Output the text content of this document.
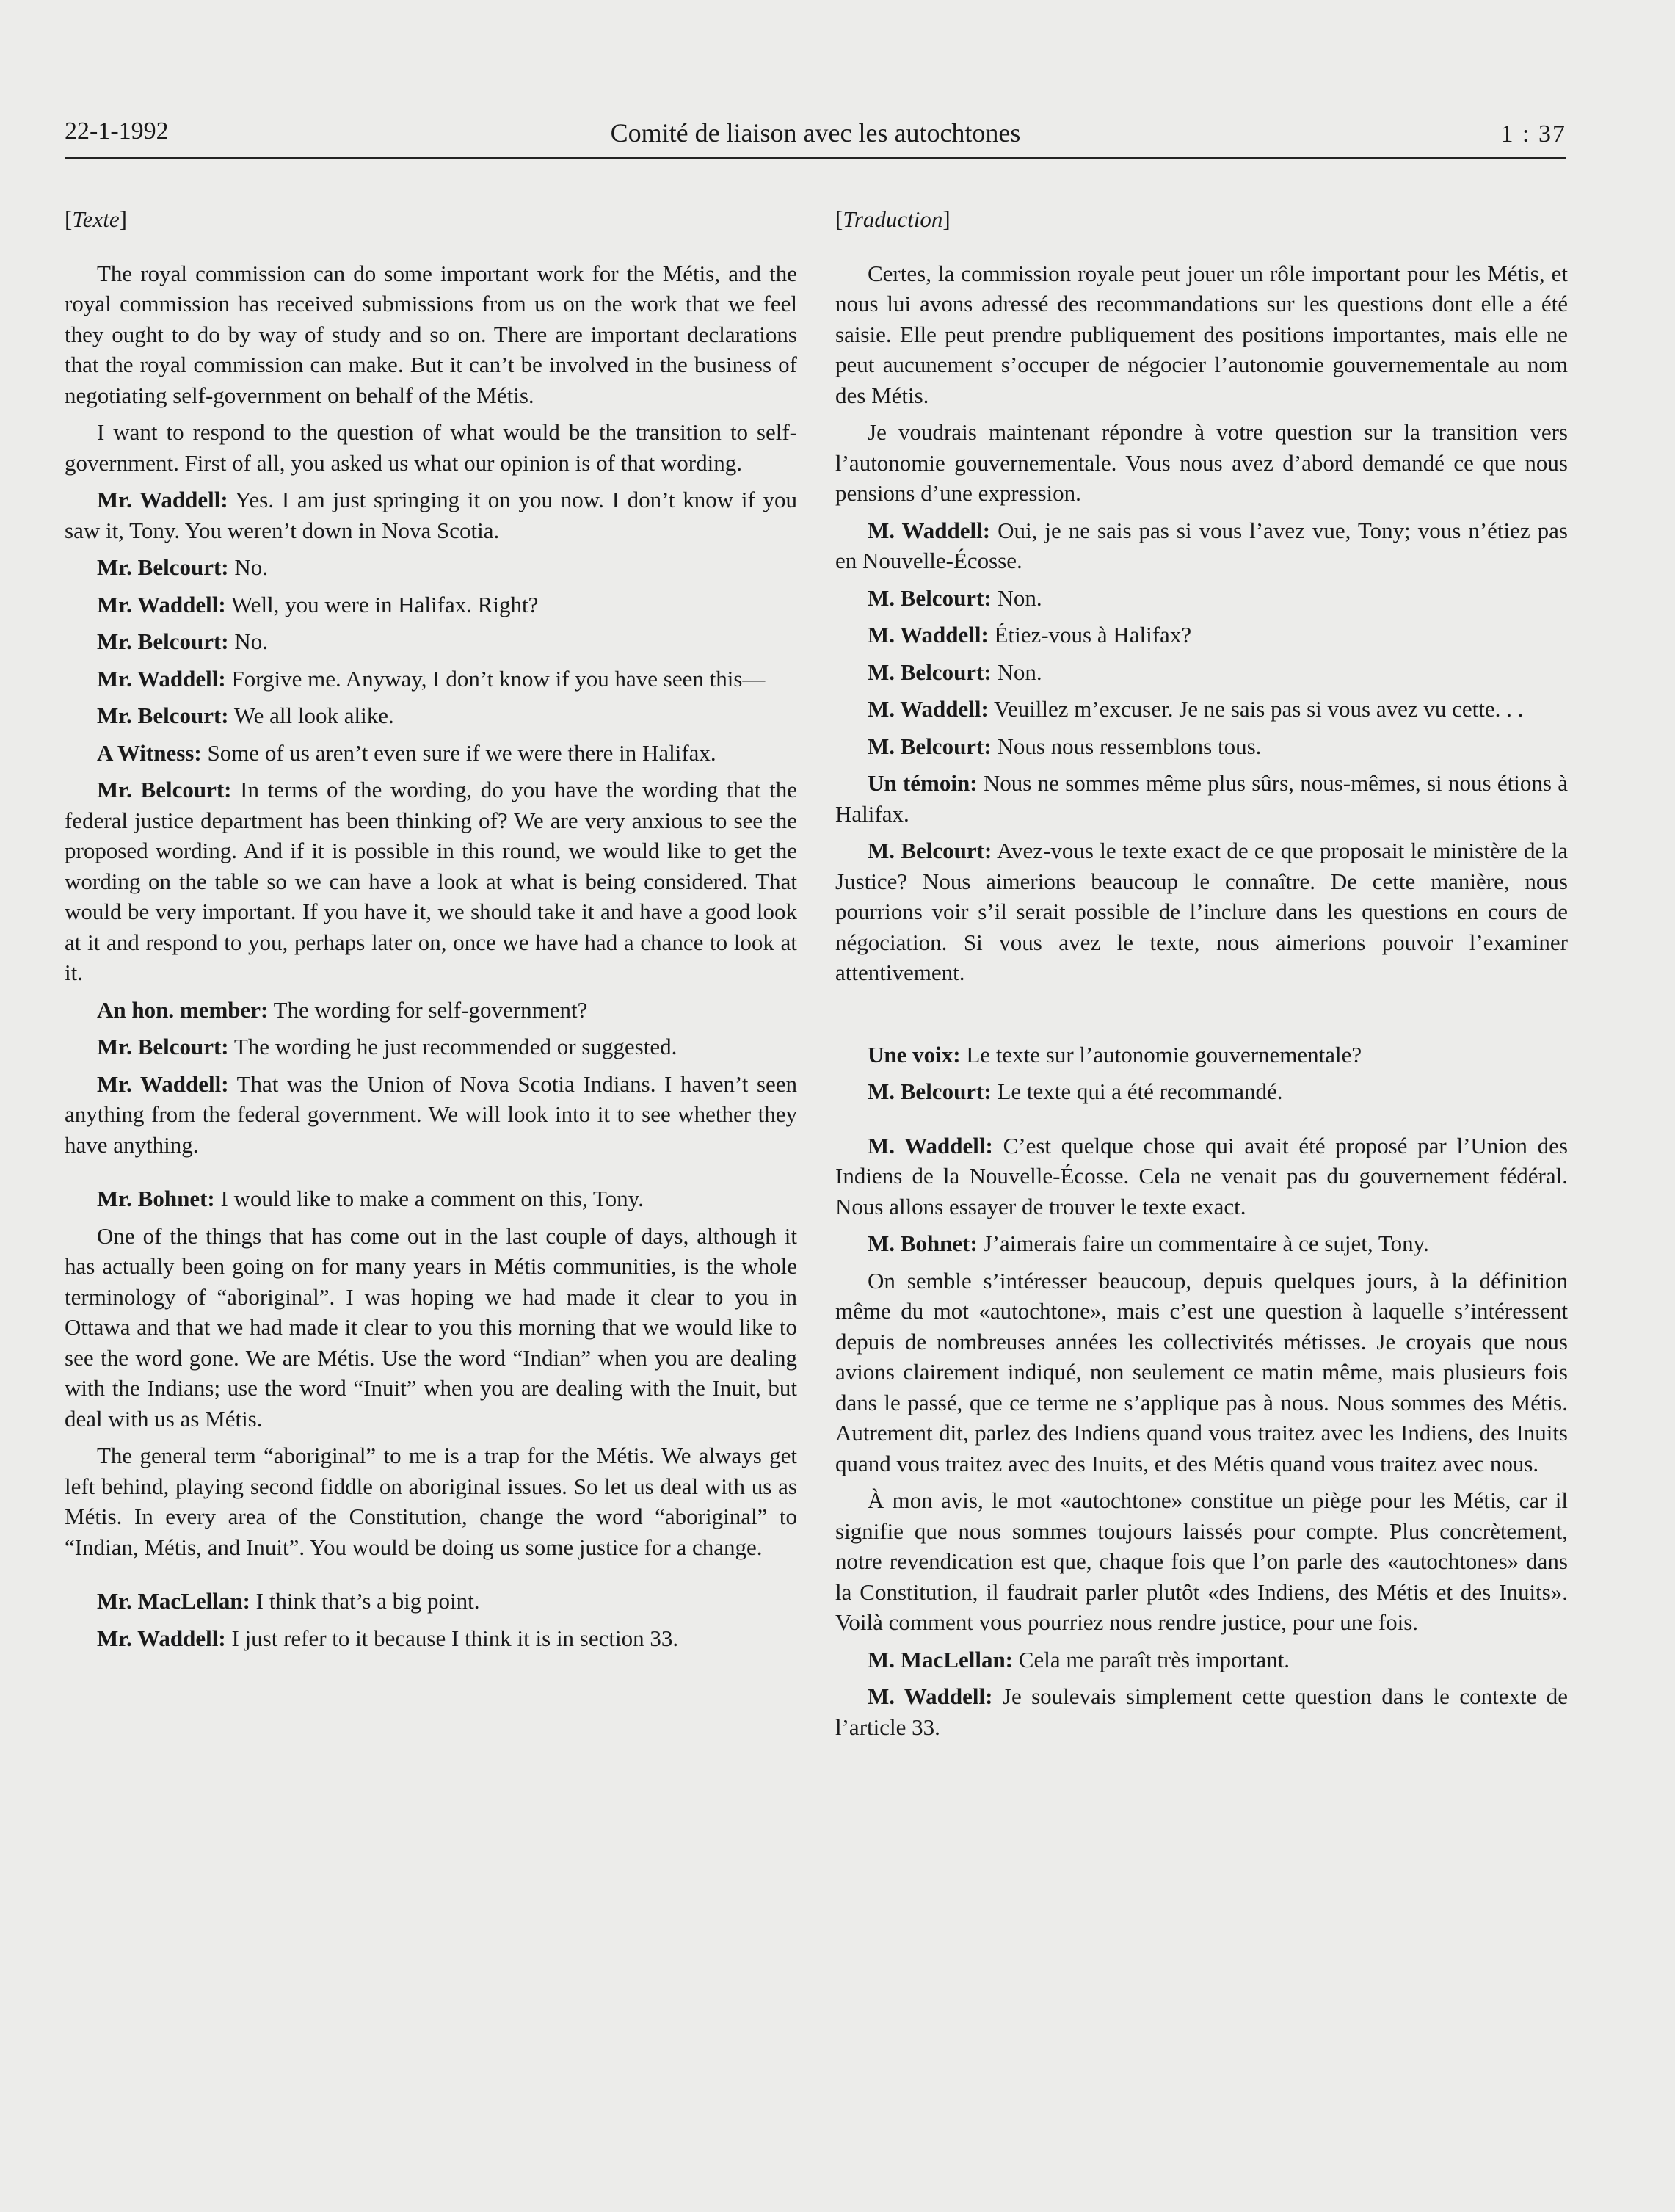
22-1-1992	Comité de liaison avec les autochtones	1 : 37
[Texte]

The royal commission can do some important work for the Métis, and the royal commission has received submissions from us on the work that we feel they ought to do by way of study and so on. There are important declarations that the royal commission can make. But it can’t be involved in the business of negotiating self-government on behalf of the Métis.

I want to respond to the question of what would be the transition to self-government. First of all, you asked us what our opinion is of that wording.

Mr. Waddell: Yes. I am just springing it on you now. I don’t know if you saw it, Tony. You weren’t down in Nova Scotia.

Mr. Belcourt: No.

Mr. Waddell: Well, you were in Halifax. Right?

Mr. Belcourt: No.

Mr. Waddell: Forgive me. Anyway, I don’t know if you have seen this—

Mr. Belcourt: We all look alike.

A Witness: Some of us aren’t even sure if we were there in Halifax.

Mr. Belcourt: In terms of the wording, do you have the wording that the federal justice department has been thinking of? We are very anxious to see the proposed wording. And if it is possible in this round, we would like to get the wording on the table so we can have a look at what is being considered. That would be very important. If you have it, we should take it and have a good look at it and respond to you, perhaps later on, once we have had a chance to look at it.

An hon. member: The wording for self-government?

Mr. Belcourt: The wording he just recommended or suggested.

Mr. Waddell: That was the Union of Nova Scotia Indians. I haven’t seen anything from the federal government. We will look into it to see whether they have anything.

Mr. Bohnet: I would like to make a comment on this, Tony.

One of the things that has come out in the last couple of days, although it has actually been going on for many years in Métis communities, is the whole terminology of “aboriginal”. I was hoping we had made it clear to you in Ottawa and that we had made it clear to you this morning that we would like to see the word gone. We are Métis. Use the word “Indian” when you are dealing with the Indians; use the word “Inuit” when you are dealing with the Inuit, but deal with us as Métis.

The general term “aboriginal” to me is a trap for the Métis. We always get left behind, playing second fiddle on aboriginal issues. So let us deal with us as Métis. In every area of the Constitution, change the word “aboriginal” to “Indian, Métis, and Inuit”. You would be doing us some justice for a change.

Mr. MacLellan: I think that’s a big point.

Mr. Waddell: I just refer to it because I think it is in section 33.

[Traduction]

Certes, la commission royale peut jouer un rôle important pour les Métis, et nous lui avons adressé des recommandations sur les questions dont elle a été saisie. Elle peut prendre publiquement des positions importantes, mais elle ne peut aucunement s’occuper de négocier l’autonomie gouvernementale au nom des Métis.

Je voudrais maintenant répondre à votre question sur la transition vers l’autonomie gouvernementale. Vous nous avez d’abord demandé ce que nous pensions d’une expression.

M. Waddell: Oui, je ne sais pas si vous l’avez vue, Tony; vous n’étiez pas en Nouvelle-Écosse.

M. Belcourt: Non.

M. Waddell: Étiez-vous à Halifax?

M. Belcourt: Non.

M. Waddell: Veuillez m’excuser. Je ne sais pas si vous avez vu cette. . .

M. Belcourt: Nous nous ressemblons tous.

Un témoin: Nous ne sommes même plus sûrs, nous-mêmes, si nous étions à Halifax.

M. Belcourt: Avez-vous le texte exact de ce que proposait le ministère de la Justice? Nous aimerions beaucoup le connaître. De cette manière, nous pourrions voir s’il serait possible de l’inclure dans les questions en cours de négociation. Si vous avez le texte, nous aimerions pouvoir l’examiner attentivement.

Une voix: Le texte sur l’autonomie gouvernementale?

M. Belcourt: Le texte qui a été recommandé.

M. Waddell: C’est quelque chose qui avait été proposé par l’Union des Indiens de la Nouvelle-Écosse. Cela ne venait pas du gouvernement fédéral. Nous allons essayer de trouver le texte exact.

M. Bohnet: J’aimerais faire un commentaire à ce sujet, Tony.

On semble s’intéresser beaucoup, depuis quelques jours, à la définition même du mot «autochtone», mais c’est une question à laquelle s’intéressent depuis de nombreuses années les collectivités métisses. Je croyais que nous avions clairement indiqué, non seulement ce matin même, mais plusieurs fois dans le passé, que ce terme ne s’applique pas à nous. Nous sommes des Métis. Autrement dit, parlez des Indiens quand vous traitez avec les Indiens, des Inuits quand vous traitez avec des Inuits, et des Métis quand vous traitez avec nous.

À mon avis, le mot «autochtone» constitue un piège pour les Métis, car il signifie que nous sommes toujours laissés pour compte. Plus concrètement, notre revendication est que, chaque fois que l’on parle des «autochtones» dans la Constitution, il faudrait parler plutôt «des Indiens, des Métis et des Inuits». Voilà comment vous pourriez nous rendre justice, pour une fois.

M. MacLellan: Cela me paraît très important.

M. Waddell: Je soulevais simplement cette question dans le contexte de l’article 33.
